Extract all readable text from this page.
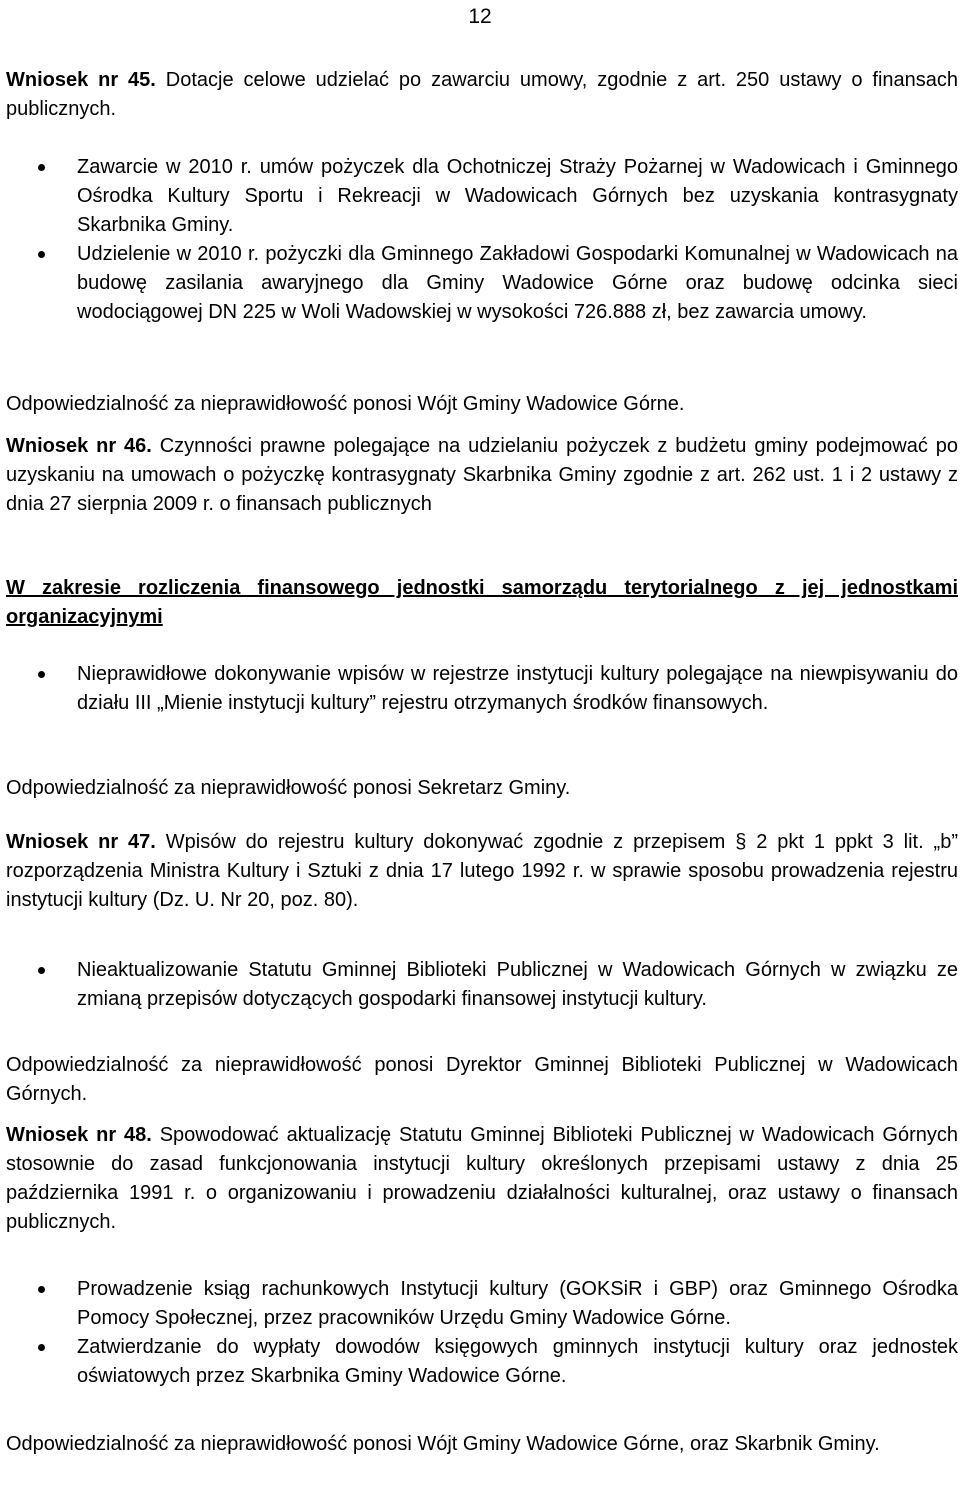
12

Wniosek nr 45. Dotacje celowe udzielać po zawarciu umowy, zgodnie z art. 250 ustawy o finansach publicznych.

Zawarcie w 2010 r. umów pożyczek dla Ochotniczej Straży Pożarnej w Wadowicach i Gminnego Ośrodka Kultury Sportu i Rekreacji w Wadowicach Górnych bez uzyskania kontrasygnaty Skarbnika Gminy.
Udzielenie w 2010 r. pożyczki dla Gminnego Zakładowi Gospodarki Komunalnej w Wadowicach na budowę zasilania awaryjnego dla Gminy Wadowice Górne oraz budowę odcinka sieci wodociągowej DN 225 w Woli Wadowskiej w wysokości 726.888 zł, bez zawarcia umowy.

Odpowiedzialność za nieprawidłowość ponosi Wójt Gminy Wadowice Górne.

Wniosek nr 46. Czynności prawne polegające na udzielaniu pożyczek z budżetu gminy podejmować po uzyskaniu na umowach o pożyczkę kontrasygnaty Skarbnika Gminy zgodnie z art. 262 ust. 1 i 2 ustawy z dnia 27 sierpnia 2009 r. o finansach publicznych

W zakresie rozliczenia finansowego jednostki samorządu terytorialnego z jej jednostkami organizacyjnymi

Nieprawidłowe dokonywanie wpisów w rejestrze instytucji kultury polegające na niewpisywaniu do działu III „Mienie instytucji kultury” rejestru otrzymanych środków finansowych.

Odpowiedzialność za nieprawidłowość ponosi Sekretarz Gminy.

Wniosek nr 47. Wpisów do rejestru kultury dokonywać zgodnie z przepisem § 2 pkt 1 ppkt 3 lit. „b” rozporządzenia Ministra Kultury i Sztuki z dnia 17 lutego 1992 r. w sprawie sposobu prowadzenia rejestru instytucji kultury (Dz. U. Nr 20, poz. 80).

Nieaktualizowanie Statutu Gminnej Biblioteki Publicznej w Wadowicach Górnych w związku ze zmianą przepisów dotyczących gospodarki finansowej instytucji kultury.

Odpowiedzialność za nieprawidłowość ponosi Dyrektor Gminnej Biblioteki Publicznej w Wadowicach Górnych.

Wniosek nr 48. Spowodować aktualizację Statutu Gminnej Biblioteki Publicznej w Wadowicach Górnych stosownie do zasad funkcjonowania instytucji kultury określonych przepisami ustawy z dnia 25 października 1991 r. o organizowaniu i prowadzeniu działalności kulturalnej, oraz ustawy o finansach publicznych.

Prowadzenie ksiąg rachunkowych Instytucji kultury (GOKSiR i GBP) oraz Gminnego Ośrodka Pomocy Społecznej, przez pracowników Urzędu Gminy Wadowice Górne.
Zatwierdzanie do wypłaty dowodów księgowych gminnych instytucji kultury oraz jednostek oświatowych przez Skarbnika Gminy Wadowice Górne.

Odpowiedzialność za nieprawidłowość ponosi Wójt Gminy Wadowice Górne, oraz Skarbnik Gminy.
